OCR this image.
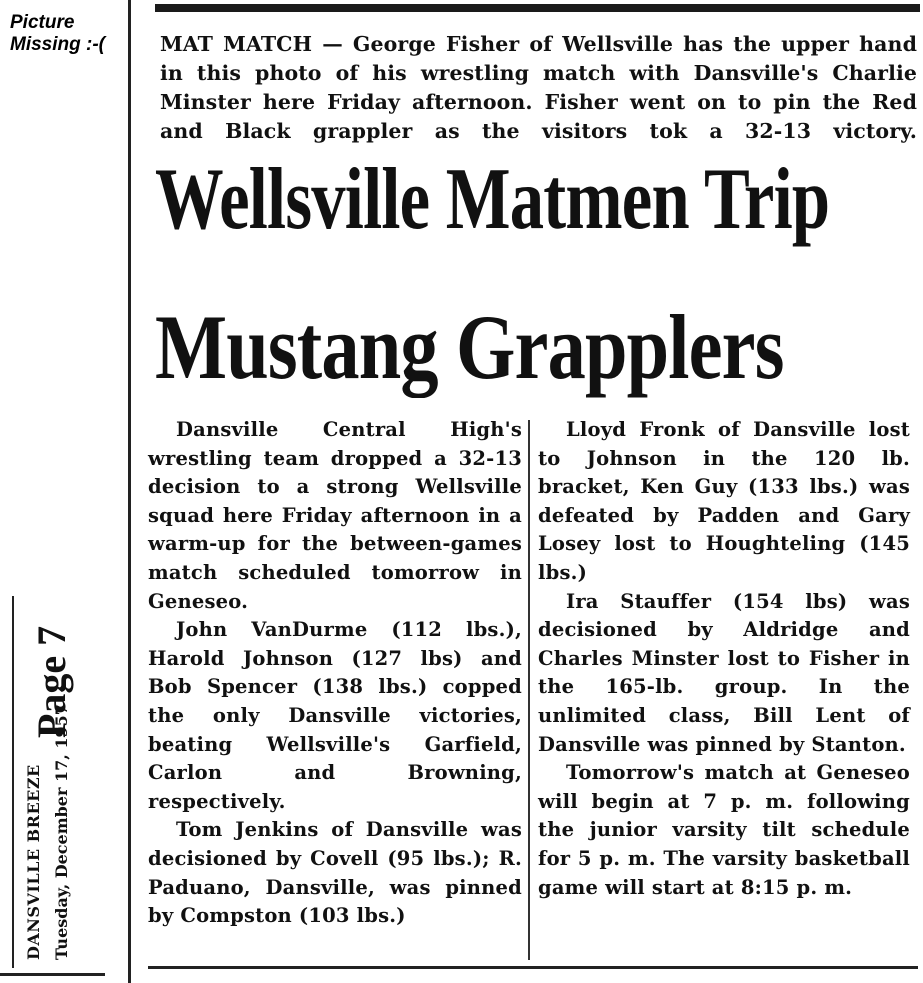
Picture
Missing :-(	MAT MATCH — George Fisher of Wellsville has the upper hand in this photo of his wrestling match with Dansville's Charlie Minster here Friday afternoon. Fisher went on to pin the Red and Black grappler as the visitors tok a 32-13 victory.
Wellsville Matmen Trip
Mustang Grapplers

Dansville Central High's wrestling team dropped a 32-13 decision to a strong Wellsville squad here Friday afternoon in a warm-up for the between-games match scheduled tomorrow in Geneseo.

John VanDurme (112 lbs.), Harold Johnson (127 lbs) and Bob Spencer (138 lbs.) copped the only Dansville victories, beating Wellsville's Garfield, Carlon and Browning, respectively.

Tom Jenkins of Dansville was decisioned by Covell (95 lbs.); R. Paduano, Dansville, was pinned by Compston (103 lbs.)

Lloyd Fronk of Dansville lost to Johnson in the 120 lb. bracket, Ken Guy (133 lbs.) was defeated by Padden and Gary Losey lost to Houghteling (145 lbs.)

Ira Stauffer (154 lbs) was decisioned by Aldridge and Charles Minster lost to Fisher in the 165-lb. group. In the unlimited class, Bill Lent of Dansville was pinned by Stanton.

Tomorrow's match at Geneseo will begin at 7 p. m. following the junior varsity tilt schedule for 5 p. m. The varsity basketball game will start at 8:15 p. m.

DANSVILLE BREEZE Tuesday, December 17, 1957
Page 7
